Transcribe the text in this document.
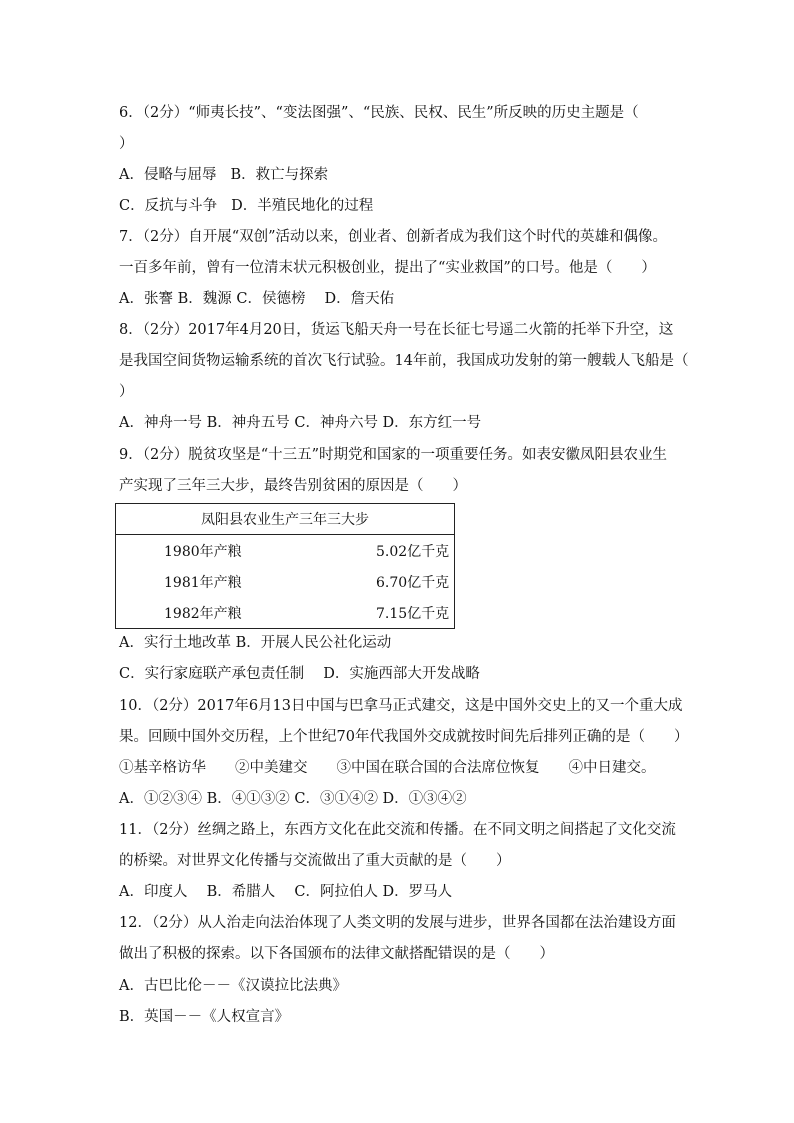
6．（2分）“师夷长技”、“变法图强”、“民族、民权、民生”所反映的历史主题是（
）
A．侵略与屈辱 B．救亡与探索
C．反抗与斗争 D．半殖民地化的过程
7．（2分）自开展“双创”活动以来，创业者、创新者成为我们这个时代的英雄和偶像。
一百多年前，曾有一位清末状元积极创业，提出了“实业救国”的口号。他是（　　）
A．张謇 B．魏源 C．侯德榜　 D．詹天佑
8．（2分）2017年4月20日，货运飞船天舟一号在长征七号遥二火箭的托举下升空，这
是我国空间货物运输系统的首次飞行试验。14年前，我国成功发射的第一艘载人飞船是（
）
A．神舟一号 B．神舟五号 C．神舟六号 D．东方红一号
9．（2分）脱贫攻坚是“十三五”时期党和国家的一项重要任务。如表安徽凤阳县农业生
产实现了三年三大步，最终告别贫困的原因是（　　）
凤阳县农业生产三年三大步	
1980年产粮	5.02亿千克
1981年产粮	6.70亿千克
1982年产粮	7.15亿千克
A．实行土地改革 B．开展人民公社化运动
C．实行家庭联产承包责任制　 D．实施西部大开发战略
10．（2分）2017年6月13日中国与巴拿马正式建交，这是中国外交史上的又一个重大成
果。回顾中国外交历程，上个世纪70年代我国外交成就按时间先后排列正确的是（　　）
①基辛格访华　　②中美建交　　③中国在联合国的合法席位恢复　　④中日建交。
A．①②③④ B．④①③② C．③①④② D．①③④②
11．（2分）丝绸之路上，东西方文化在此交流和传播。在不同文明之间搭起了文化交流
的桥梁。对世界文化传播与交流做出了重大贡献的是（　　）
A．印度人　 B．希腊人　 C．阿拉伯人 D．罗马人
12．（2分）从人治走向法治体现了人类文明的发展与进步，世界各国都在法治建设方面
做出了积极的探索。以下各国颁布的法律文献搭配错误的是（　　）
A．古巴比伦－－《汉谟拉比法典》
B．英国－－《人权宣言》
